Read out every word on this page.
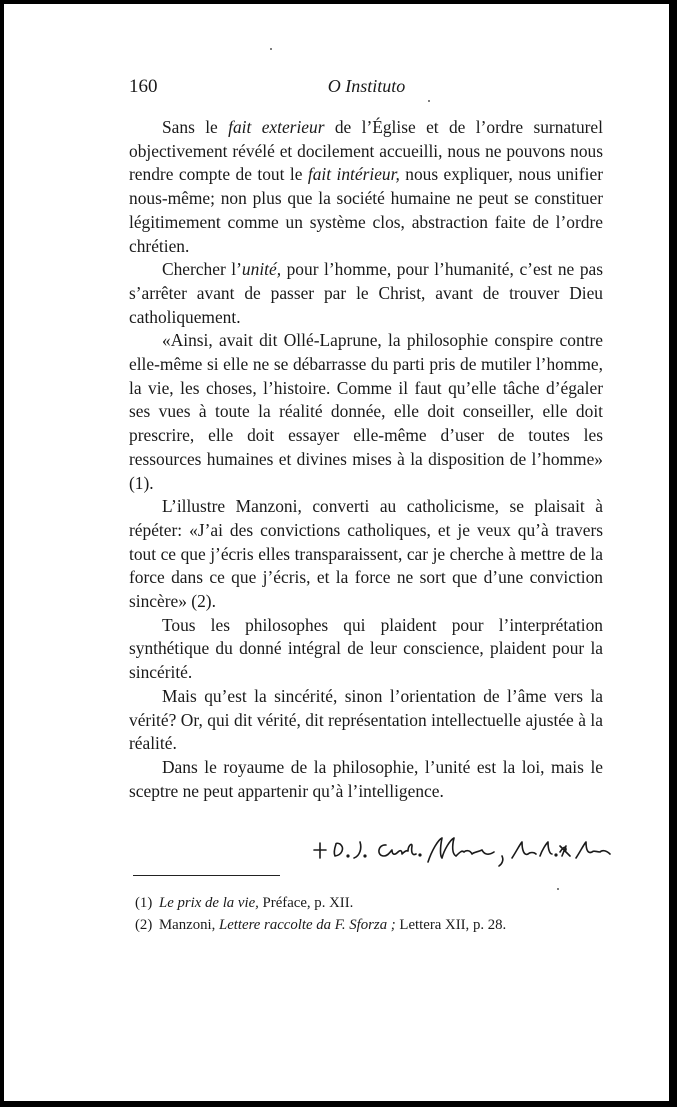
160	O Instituto

Sans le fait exterieur de l’Église et de l’ordre surnaturel objectivement révélé et docilement accueilli, nous ne pouvons nous rendre compte de tout le fait intérieur, nous expliquer, nous unifier nous-même; non plus que la société humaine ne peut se constituer légitimement comme un système clos, abstraction faite de l’ordre chrétien.

Chercher l’unité, pour l’homme, pour l’humanité, c’est ne pas s’arrêter avant de passer par le Christ, avant de trouver Dieu catholiquement.

«Ainsi, avait dit Ollé-Laprune, la philosophie conspire contre elle-même si elle ne se débarrasse du parti pris de mutiler l’homme, la vie, les choses, l’histoire. Comme il faut qu’elle tâche d’égaler ses vues à toute la réalité donnée, elle doit conseiller, elle doit prescrire, elle doit essayer elle-même d’user de toutes les ressources humaines et divines mises à la disposition de l’homme» (1).

L’illustre Manzoni, converti au catholicisme, se plaisait à répéter: «J’ai des convictions catholiques, et je veux qu’à travers tout ce que j’écris elles transparaissent, car je cherche à mettre de la force dans ce que j’écris, et la force ne sort que d’une conviction sincère» (2).

Tous les philosophes qui plaident pour l’interprétation synthétique du donné intégral de leur conscience, plaident pour la sincérité.

Mais qu’est la sincérité, sinon l’orientation de l’âme vers la vérité? Or, qui dit vérité, dit représentation intellectuelle ajustée à la réalité.

Dans le royaume de la philosophie, l’unité est la loi, mais le sceptre ne peut appartenir qu’à l’intelligence.

+ D. J. Card. Mercier, Arch. de Malines
(1) Le prix de la vie, Préface, p. XII.
(2) Manzoni, Lettere raccolte da F. Sforza ; Lettera XII, p. 28.
